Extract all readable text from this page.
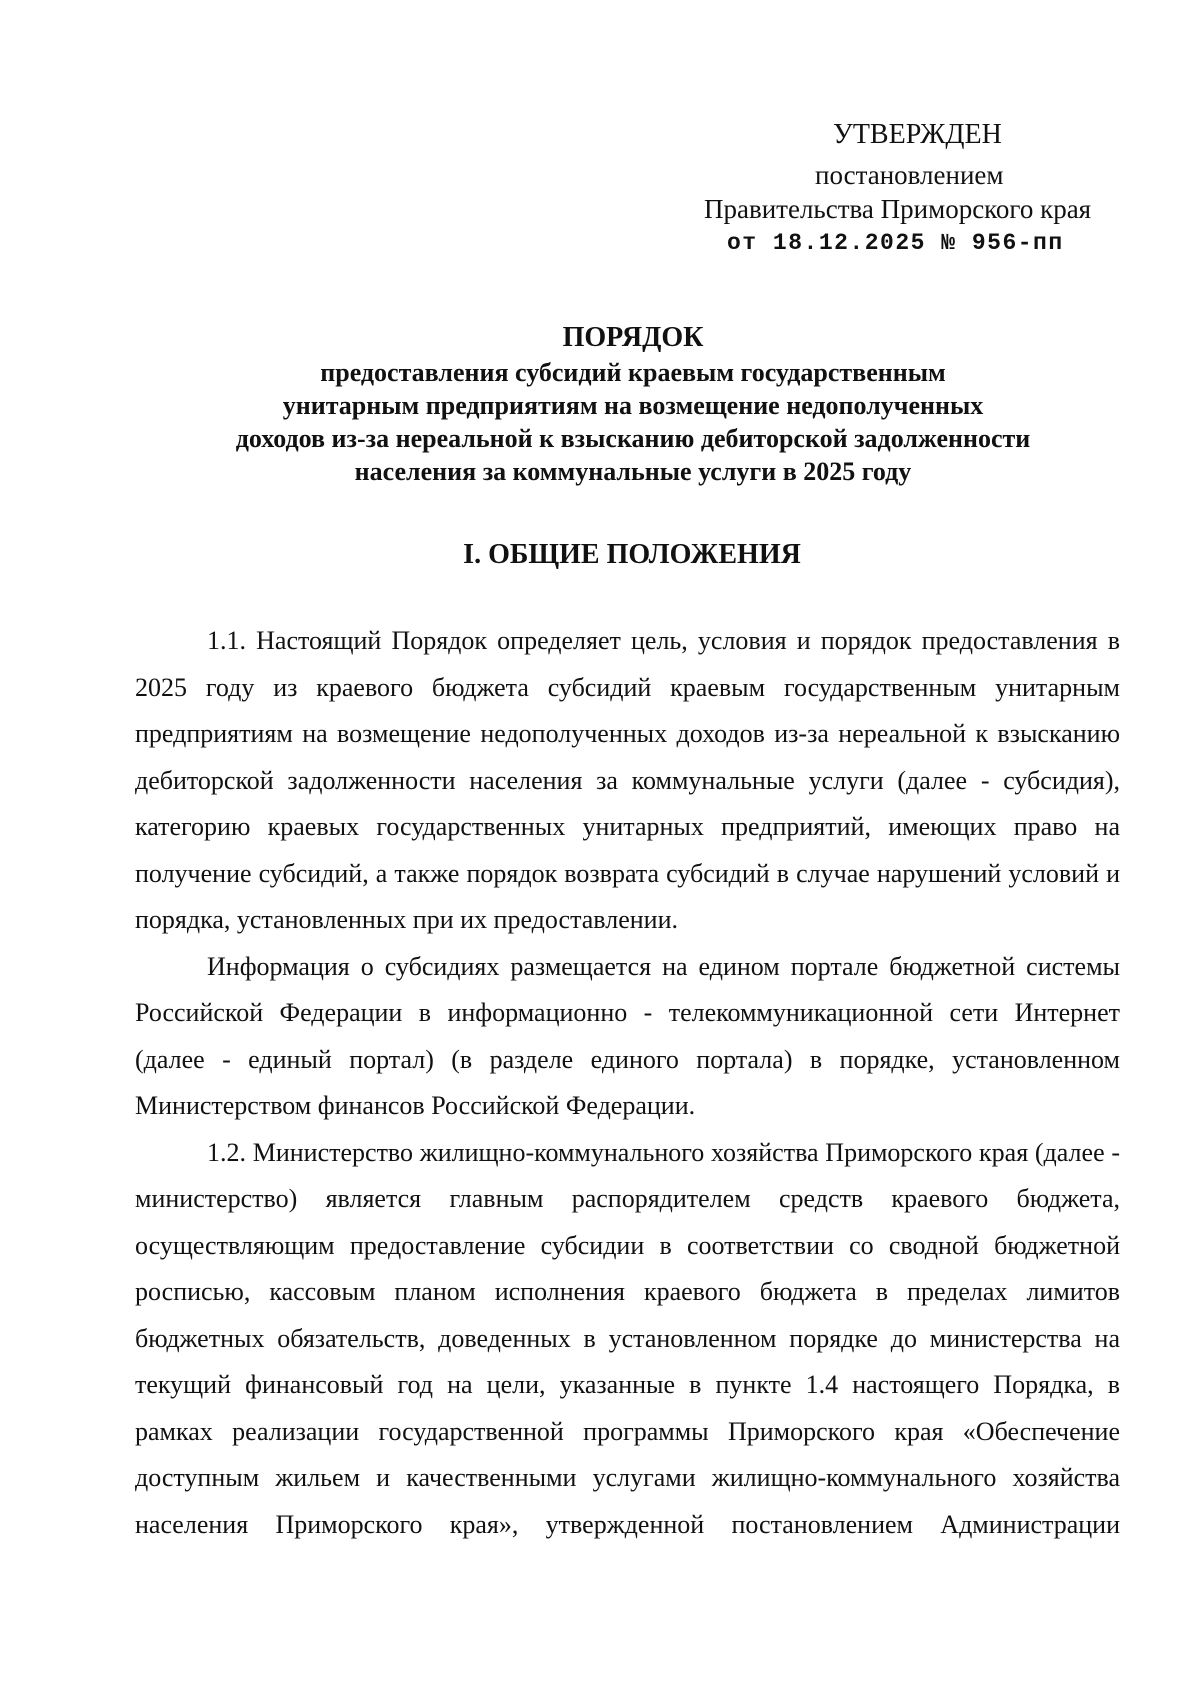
УТВЕРЖДЕН
постановлением
Правительства Приморского края
от 18.12.2025 № 956-пп
ПОРЯДОК
предоставления субсидий краевым государственным
унитарным предприятиям на возмещение недополученных
доходов из-за нереальной к взысканию дебиторской задолженности
населения за коммунальные услуги в 2025 году
I. ОБЩИЕ ПОЛОЖЕНИЯ

1.1. Настоящий Порядок определяет цель, условия и порядок предоставления в 2025 году из краевого бюджета субсидий краевым государственным унитарным предприятиям на возмещение недополученных доходов из-за нереальной к взысканию дебиторской задолженности населения за коммунальные услуги (далее - субсидия), категорию краевых государственных унитарных предприятий, имеющих право на получение субсидий, а также порядок возврата субсидий в случае нарушений условий и порядка, установленных при их предоставлении.

Информация о субсидиях размещается на едином портале бюджетной системы Российской Федерации в информационно - телекоммуникационной сети Интернет (далее - единый портал) (в разделе единого портала) в порядке, установленном Министерством финансов Российской Федерации.

1.2. Министерство жилищно-коммунального хозяйства Приморского края (далее - министерство) является главным распорядителем средств краевого бюджета, осуществляющим предоставление субсидии в соответствии со сводной бюджетной росписью, кассовым планом исполнения краевого бюджета в пределах лимитов бюджетных обязательств, доведенных в установленном порядке до министерства на текущий финансовый год на цели, указанные в пункте 1.4 настоящего Порядка, в рамках реализации государственной программы Приморского края «Обеспечение доступным жильем и качественными услугами жилищно-коммунального хозяйства населения Приморского края», утвержденной постановлением Администрации
